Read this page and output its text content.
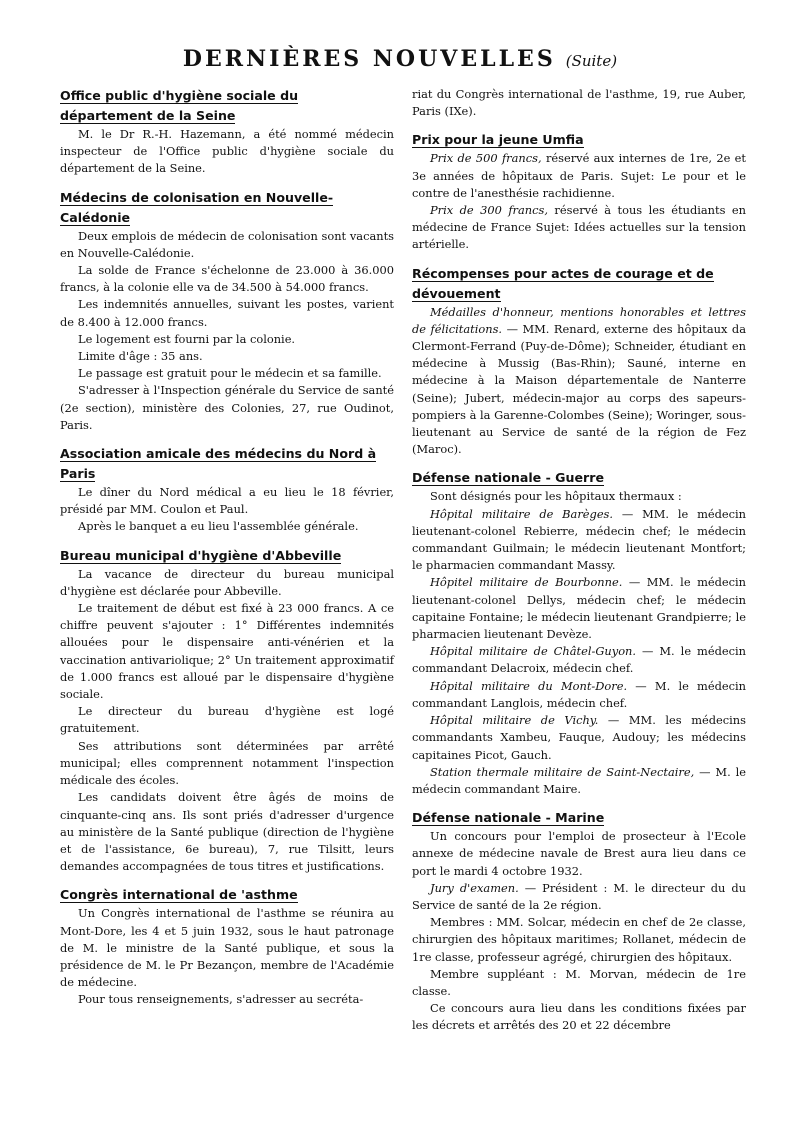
DERNIÈRES NOUVELLES (Suite)
Office public d'hygiène sociale du département de la Seine

M. le Dr R.-H. Hazemann, a été nommé médecin inspecteur de l'Office public d'hygiène sociale du département de la Seine.

Médecins de colonisation en Nouvelle-Calédonie

Deux emplois de médecin de colonisation sont vacants en Nouvelle-Calédonie.

La solde de France s'échelonne de 23.000 à 36.000 francs, à la colonie elle va de 34.500 à 54.000 francs.

Les indemnités annuelles, suivant les postes, varient de 8.400 à 12.000 francs.

Le logement est fourni par la colonie.

Limite d'âge : 35 ans.

Le passage est gratuit pour le médecin et sa famille.

S'adresser à l'Inspection générale du Service de santé (2e section), ministère des Colonies, 27, rue Oudinot, Paris.

Association amicale des médecins du Nord à Paris

Le dîner du Nord médical a eu lieu le 18 février, présidé par MM. Coulon et Paul.

Après le banquet a eu lieu l'assemblée générale.

Bureau municipal d'hygiène d'Abbeville

La vacance de directeur du bureau municipal d'hygiène est déclarée pour Abbeville.

Le traitement de début est fixé à 23 000 francs. A ce chiffre peuvent s'ajouter : 1° Différentes indemnités allouées pour le dispensaire anti-vénérien et la vaccination antivariolique; 2° Un traitement approximatif de 1.000 francs est alloué par le dispensaire d'hygiène sociale.

Le directeur du bureau d'hygiène est logé gratuitement.

Ses attributions sont déterminées par arrêté municipal; elles comprennent notamment l'inspection médicale des écoles.

Les candidats doivent être âgés de moins de cinquante-cinq ans. Ils sont priés d'adresser d'urgence au ministère de la Santé publique (direction de l'hygiène et de l'assistance, 6e bureau), 7, rue Tilsitt, leurs demandes accompagnées de tous titres et justifications.

Congrès international de 'asthme

Un Congrès international de l'asthme se réunira au Mont-Dore, les 4 et 5 juin 1932, sous le haut patronage de M. le ministre de la Santé publique, et sous la présidence de M. le Pr Bezançon, membre de l'Académie de médecine.

Pour tous renseignements, s'adresser au secréta-

riat du Congrès international de l'asthme, 19, rue Auber, Paris (IXe).

Prix pour la jeune Umfia

Prix de 500 francs, réservé aux internes de 1re, 2e et 3e années de hôpitaux de Paris. Sujet: Le pour et le contre de l'anesthésie rachidienne.

Prix de 300 francs, réservé à tous les étudiants en médecine de France Sujet: Idées actuelles sur la tension artérielle.

Récompenses pour actes de courage et de dévouement

Médailles d'honneur, mentions honorables et lettres de félicitations. — MM. Renard, externe des hôpitaux da Clermont-Ferrand (Puy-de-Dôme); Schneider, étudiant en médecine à Mussig (Bas-Rhin); Sauné, interne en médecine à la Maison départementale de Nanterre (Seine); Jubert, médecin-major au corps des sapeurs-pompiers à la Garenne-Colombes (Seine); Woringer, sous-lieutenant au Service de santé de la région de Fez (Maroc).

Défense nationale - Guerre

Sont désignés pour les hôpitaux thermaux :

Hôpital militaire de Barèges. — MM. le médecin lieutenant-colonel Rebierre, médecin chef; le médecin commandant Guilmain; le médecin lieutenant Montfort; le pharmacien commandant Massy.

Hôpitel militaire de Bourbonne. — MM. le médecin lieutenant-colonel Dellys, médecin chef; le médecin capitaine Fontaine; le médecin lieutenant Grandpierre; le pharmacien lieutenant Devèze.

Hôpital militaire de Châtel-Guyon. — M. le médecin commandant Delacroix, médecin chef.

Hôpital militaire du Mont-Dore. — M. le médecin commandant Langlois, médecin chef.

Hôpital militaire de Vichy. — MM. les médecins commandants Xambeu, Fauque, Audouy; les médecins capitaines Picot, Gauch.

Station thermale militaire de Saint-Nectaire, — M. le médecin commandant Maire.

Défense nationale - Marine

Un concours pour l'emploi de prosecteur à l'Ecole annexe de médecine navale de Brest aura lieu dans ce port le mardi 4 octobre 1932.

Jury d'examen. — Président : M. le directeur du du Service de santé de la 2e région.

Membres : MM. Solcar, médecin en chef de 2e classe, chirurgien des hôpitaux maritimes; Rollanet, médecin de 1re classe, professeur agrégé, chirurgien des hôpitaux.

Membre suppléant : M. Morvan, médecin de 1re classe.

Ce concours aura lieu dans les conditions fixées par les décrets et arrêtés des 20 et 22 décembre
